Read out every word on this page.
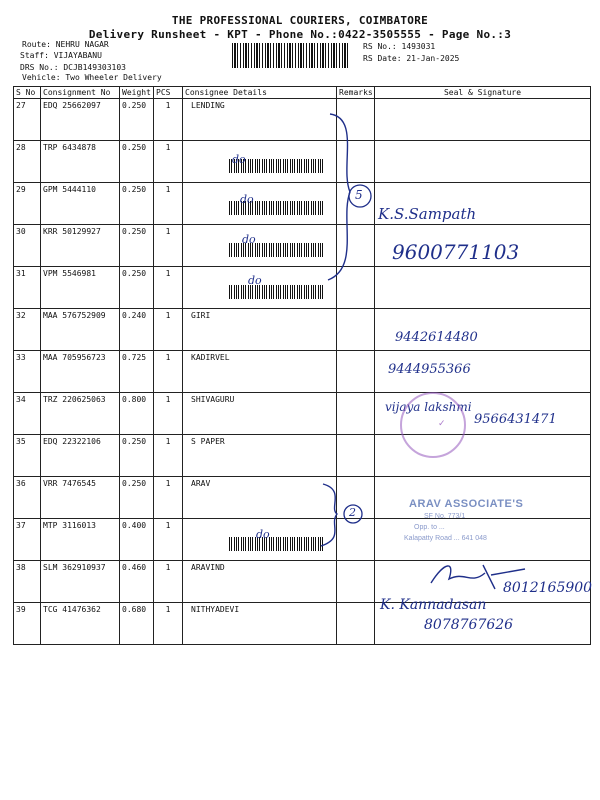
THE PROFESSIONAL COURIERS, COIMBATORE
Delivery Runsheet - KPT - Phone No.:0422-3505555 - Page No.:3
Route: NEHRU NAGAR
Staff: VIJAYABANU
DRS No.: DCJB149303103
Vehicle: Two Wheeler Delivery
RS No.: 1493031
RS Date: 21-Jan-2025
S No	Consignment No	Weight	PCS	Consignee Details	Remarks	Seal & Signature
27	EDQ 25662097	0.250	1	LENDING		
28	TRP 6434878	0.250	1			
29	GPM 5444110	0.250	1			
30	KRR 50129927	0.250	1			
31	VPM 5546981	0.250	1			
32	MAA 576752909	0.240	1	GIRI		
33	MAA 705956723	0.725	1	KADIRVEL		
34	TRZ 220625063	0.800	1	SHIVAGURU		
35	EDQ 22322106	0.250	1	S PAPER		
36	VRR 7476545	0.250	1	ARAV		
37	MTP 3116013	0.400	1			
38	SLM 362910937	0.460	1	ARAVIND		
39	TCG 41476362	0.680	1	NITHYADEVI		
do
do
do
do
do
5
2
K.S.Sampath
9600771103
9442614480
9444955366
vijaya lakshmi
9566431471
✓
ARAV ASSOCIATE'S
SF No. 773/1
Opp. to ...
Kalapatty Road ... 641 048
8012165900
K. Kannadasan
8078767626
